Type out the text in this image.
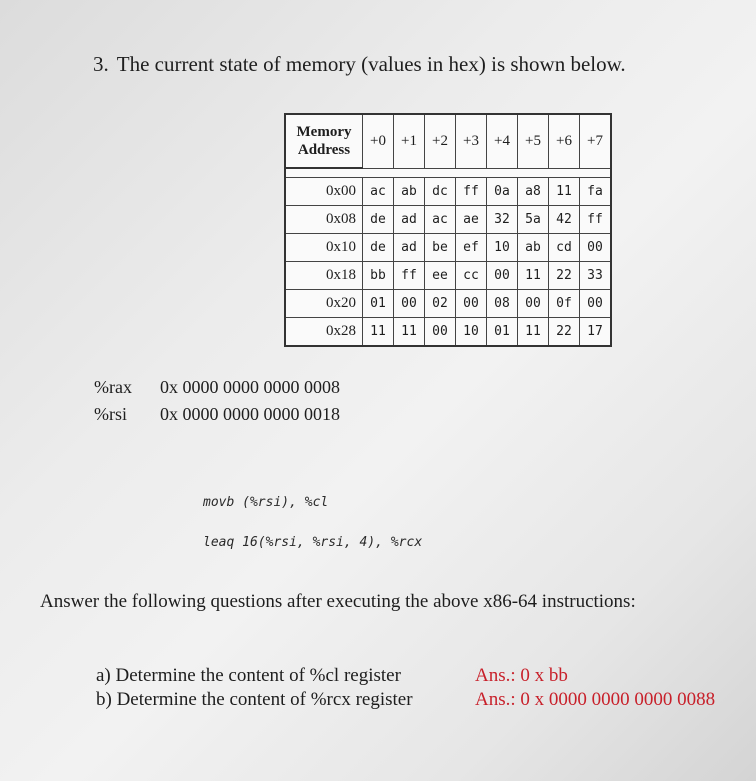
3. The current state of memory (values in hex) is shown below.
Memory
Address	+0	+1	+2	+3	+4	+5	+6	+7

0x00	ac	ab	dc	ff	0a	a8	11	fa
0x08	de	ad	ac	ae	32	5a	42	ff
0x10	de	ad	be	ef	10	ab	cd	00
0x18	bb	ff	ee	cc	00	11	22	33
0x20	01	00	02	00	08	00	0f	00
0x28	11	11	00	10	01	11	22	17
%rax 0x 0000 0000 0000 0008
%rsi 0x 0000 0000 0000 0018
movb (%rsi), %cl
leaq 16(%rsi, %rsi, 4), %rcx
Answer the following questions after executing the above x86-64 instructions:
a) Determine the content of %cl register	Ans.: 0 x bb
b) Determine the content of %rcx register	Ans.: 0 x 0000 0000 0000 0088
